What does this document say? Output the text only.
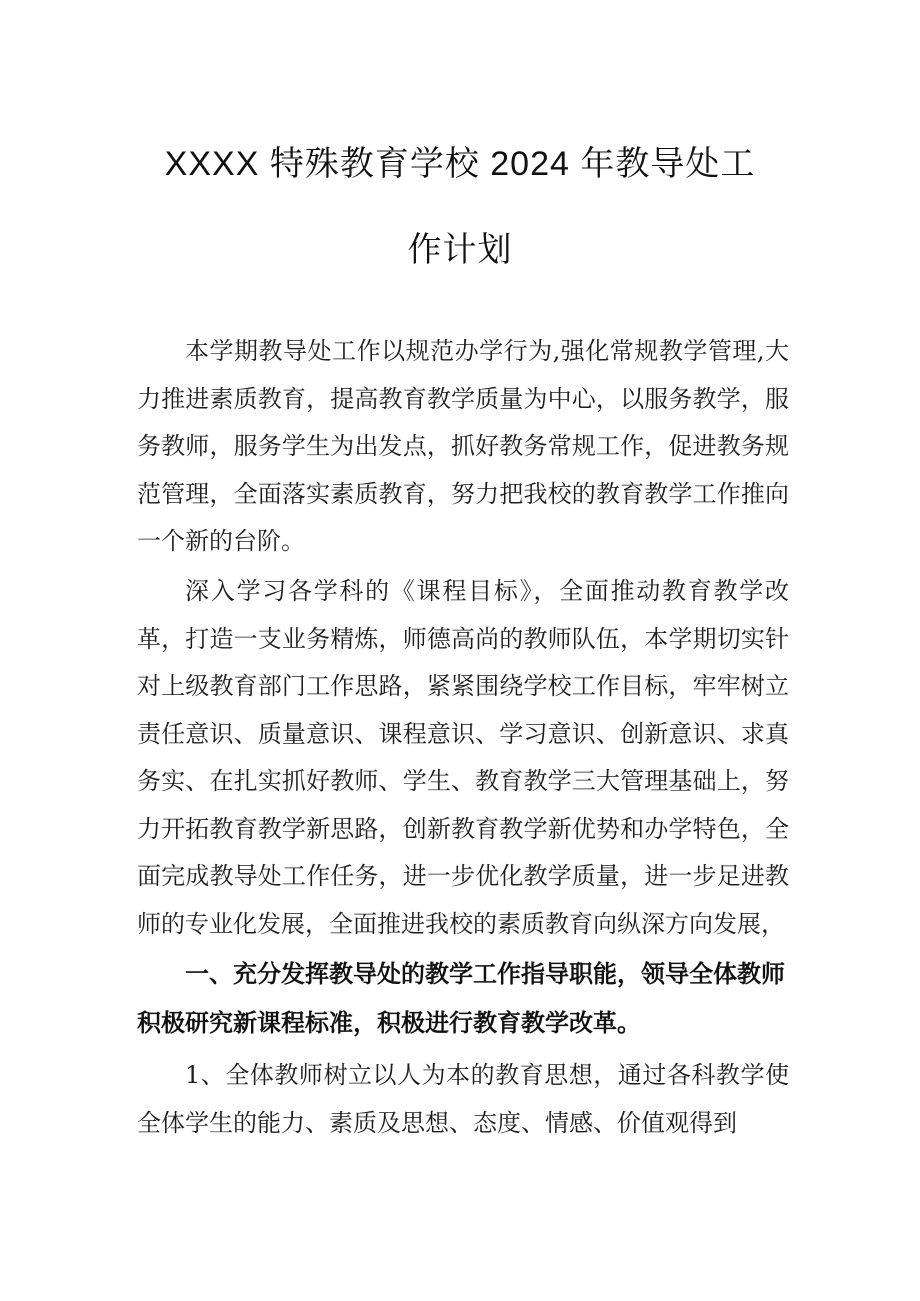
XXXX 特殊教育学校 2024 年教导处工
作计划

本学期教导处工作以规范办学行为,强化常规教学管理,大力推进素质教育，提高教育教学质量为中心，以服务教学，服务教师，服务学生为出发点，抓好教务常规工作，促进教务规范管理，全面落实素质教育，努力把我校的教育教学工作推向一个新的台阶。

深入学习各学科的《课程目标》，全面推动教育教学改革，打造一支业务精炼，师德高尚的教师队伍，本学期切实针对上级教育部门工作思路，紧紧围绕学校工作目标，牢牢树立责任意识、质量意识、课程意识、学习意识、创新意识、求真务实、在扎实抓好教师、学生、教育教学三大管理基础上，努力开拓教育教学新思路，创新教育教学新优势和办学特色，全面完成教导处工作任务，进一步优化教学质量，进一步足进教师的专业化发展，全面推进我校的素质教育向纵深方向发展，

一、充分发挥教导处的教学工作指导职能，领导全体教师积极研究新课程标准，积极进行教育教学改革。

1、全体教师树立以人为本的教育思想，通过各科教学使全体学生的能力、素质及思想、态度、情感、价值观得到
